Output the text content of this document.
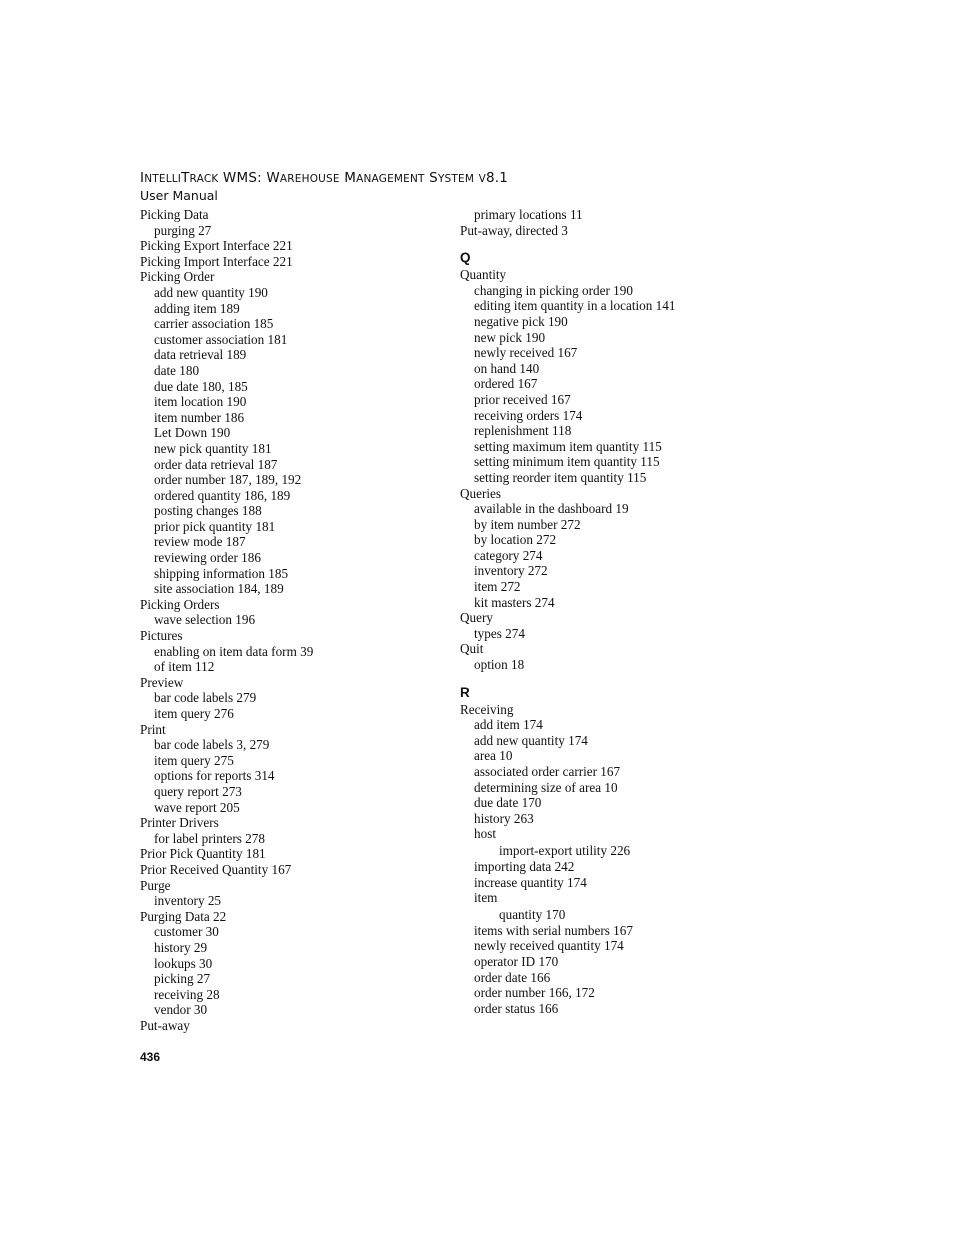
INTELLITRACK WMS: WAREHOUSE MANAGEMENT SYSTEM V8.1
User Manual
Picking Data
purging 27
Picking Export Interface 221
Picking Import Interface 221
Picking Order
add new quantity 190
adding item 189
carrier association 185
customer association 181
data retrieval 189
date 180
due date 180, 185
item location 190
item number 186
Let Down 190
new pick quantity 181
order data retrieval 187
order number 187, 189, 192
ordered quantity 186, 189
posting changes 188
prior pick quantity 181
review mode 187
reviewing order 186
shipping information 185
site association 184, 189
Picking Orders
wave selection 196
Pictures
enabling on item data form 39
of item 112
Preview
bar code labels 279
item query 276
Print
bar code labels 3, 279
item query 275
options for reports 314
query report 273
wave report 205
Printer Drivers
for label printers 278
Prior Pick Quantity 181
Prior Received Quantity 167
Purge
inventory 25
Purging Data 22
customer 30
history 29
lookups 30
picking 27
receiving 28
vendor 30
Put-away
primary locations 11
Put-away, directed 3
Q
Quantity
changing in picking order 190
editing item quantity in a location 141
negative pick 190
new pick 190
newly received 167
on hand 140
ordered 167
prior received 167
receiving orders 174
replenishment 118
setting maximum item quantity 115
setting minimum item quantity 115
setting reorder item quantity 115
Queries
available in the dashboard 19
by item number 272
by location 272
category 274
inventory 272
item 272
kit masters 274
Query
types 274
Quit
option 18
R
Receiving
add item 174
add new quantity 174
area 10
associated order carrier 167
determining size of area 10
due date 170
history 263
host
import-export utility 226
importing data 242
increase quantity 174
item
quantity 170
items with serial numbers 167
newly received quantity 174
operator ID 170
order date 166
order number 166, 172
order status 166
436
